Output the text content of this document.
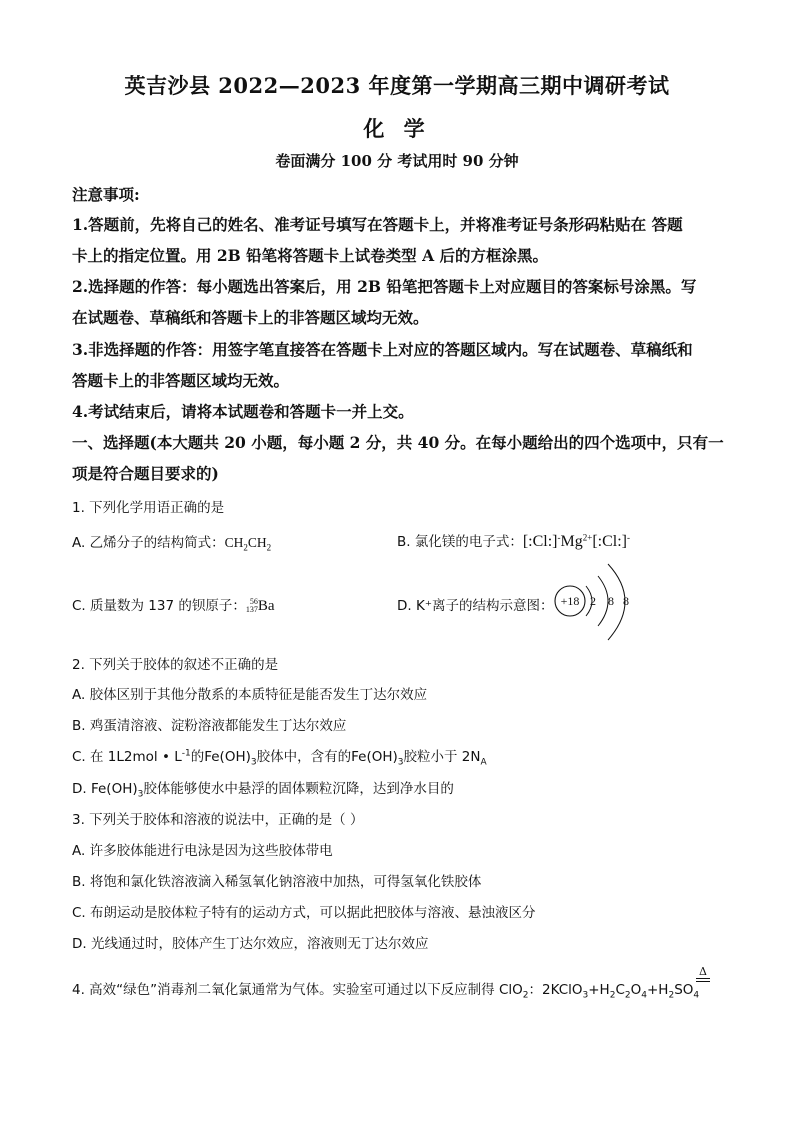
英吉沙县 2022—2023 年度第一学期高三期中调研考试
化 学
卷面满分 100 分 考试用时 90 分钟
注意事项:
1.答题前，先将自己的姓名、准考证号填写在答题卡上，并将准考证号条形码粘贴在 答题
卡上的指定位置。用 2B 铅笔将答题卡上试卷类型 A 后的方框涂黑。
2.选择题的作答：每小题选出答案后，用 2B 铅笔把答题卡上对应题目的答案标号涂黑。写
在试题卷、草稿纸和答题卡上的非答题区域均无效。
3.非选择题的作答：用签字笔直接答在答题卡上对应的答题区域内。写在试题卷、草稿纸和
答题卡上的非答题区域均无效。
4.考试结束后，请将本试题卷和答题卡一并上交。
一、选择题(本大题共 20 小题，每小题 2 分，共 40 分。在每小题给出的四个选项中，只有一
项是符合题目要求的)
1. 下列化学用语正确的是
A. 乙烯分子的结构简式：$CH_2CH_2$	B. 氯化镁的电子式：$[:Cl:]^-Mg^{2+}[:Cl:]^-$
C. 质量数为 137 的钡原子： 56
137 Ba	D. K⁺离子的结构示意图： +18 2 8 8
2. 下列关于胶体的叙述不正确的是
A. 胶体区别于其他分散系的本质特征是能否发生丁达尔效应
B. 鸡蛋清溶液、淀粉溶液都能发生丁达尔效应
C. 在 1L2mol • $L^{-1}$的$Fe(OH)_3$胶体中，含有的$Fe(OH)_3$胶粒小于 $2N_A$
D. $Fe(OH)_3$胶体能够使水中悬浮的固体颗粒沉降，达到净水目的
3. 下列关于胶体和溶液的说法中，正确的是（ ）
A. 许多胶体能进行电泳是因为这些胶体带电
B. 将饱和氯化铁溶液滴入稀氢氧化钠溶液中加热，可得氢氧化铁胶体
C. 布朗运动是胶体粒子特有的运动方式，可以据此把胶体与溶液、悬浊液区分
D. 光线通过时，胶体产生丁达尔效应，溶液则无丁达尔效应
4. 高效“绿色”消毒剂二氧化氯通常为气体。实验室可通过以下反应制得 ClO$_2$：$2KClO_3+H_2C_2O_4+H_2SO_4$
Δ
